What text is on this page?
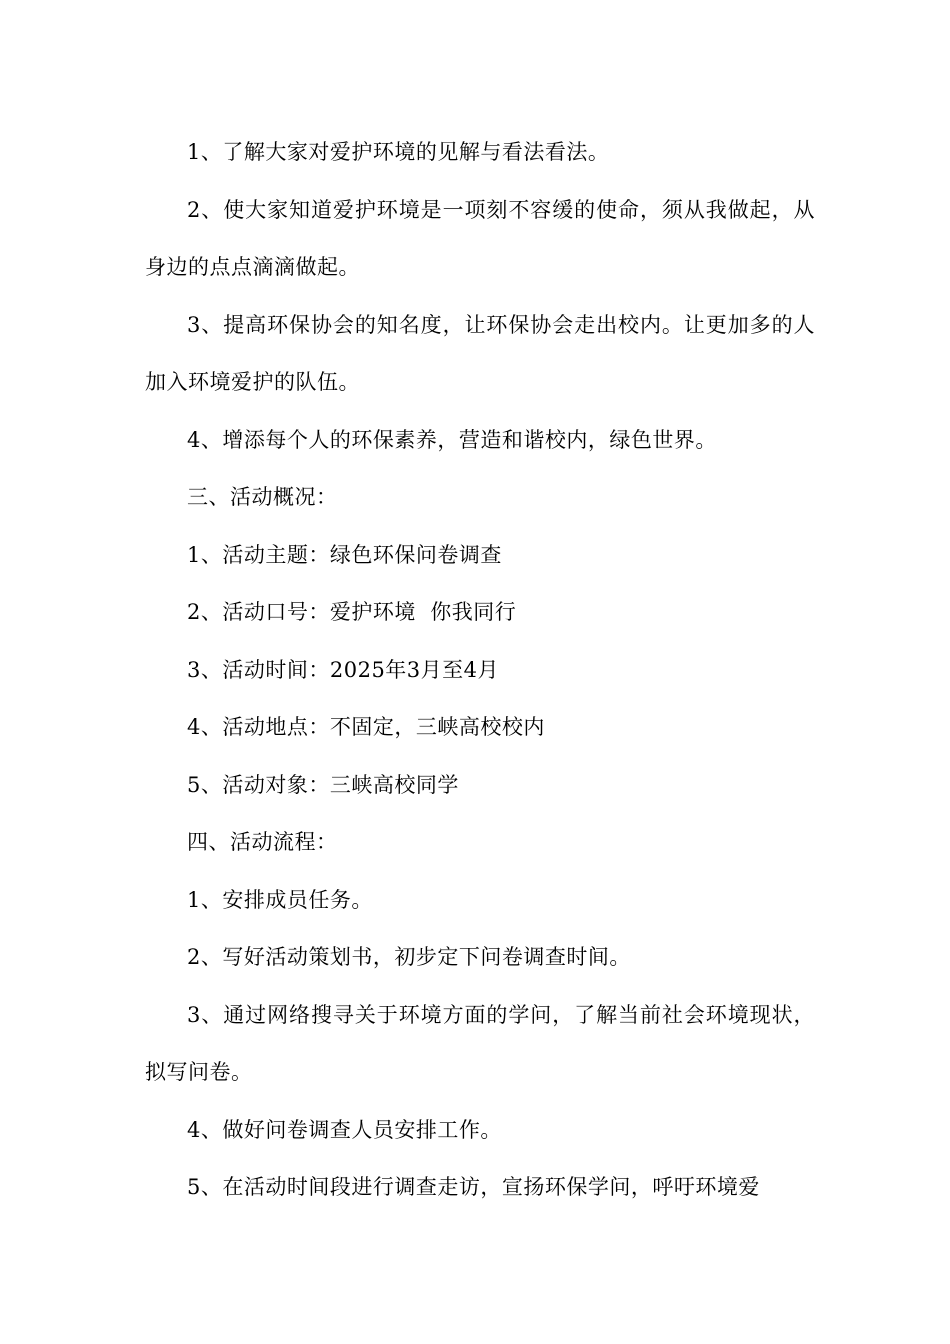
1、了解大家对爱护环境的见解与看法看法。

2、使大家知道爱护环境是一项刻不容缓的使命，须从我做起，从身边的点点滴滴做起。

3、提高环保协会的知名度，让环保协会走出校内。让更加多的人加入环境爱护的队伍。

4、增添每个人的环保素养，营造和谐校内，绿色世界。

三、活动概况：

1、活动主题：绿色环保问卷调查

2、活动口号：爱护环境  你我同行

3、活动时间：2025年3月至4月

4、活动地点：不固定，三峡高校校内

5、活动对象：三峡高校同学

四、活动流程：

1、安排成员任务。

2、写好活动策划书，初步定下问卷调查时间。

3、通过网络搜寻关于环境方面的学问，了解当前社会环境现状，拟写问卷。

4、做好问卷调查人员安排工作。

5、在活动时间段进行调查走访，宣扬环保学问，呼吁环境爱
